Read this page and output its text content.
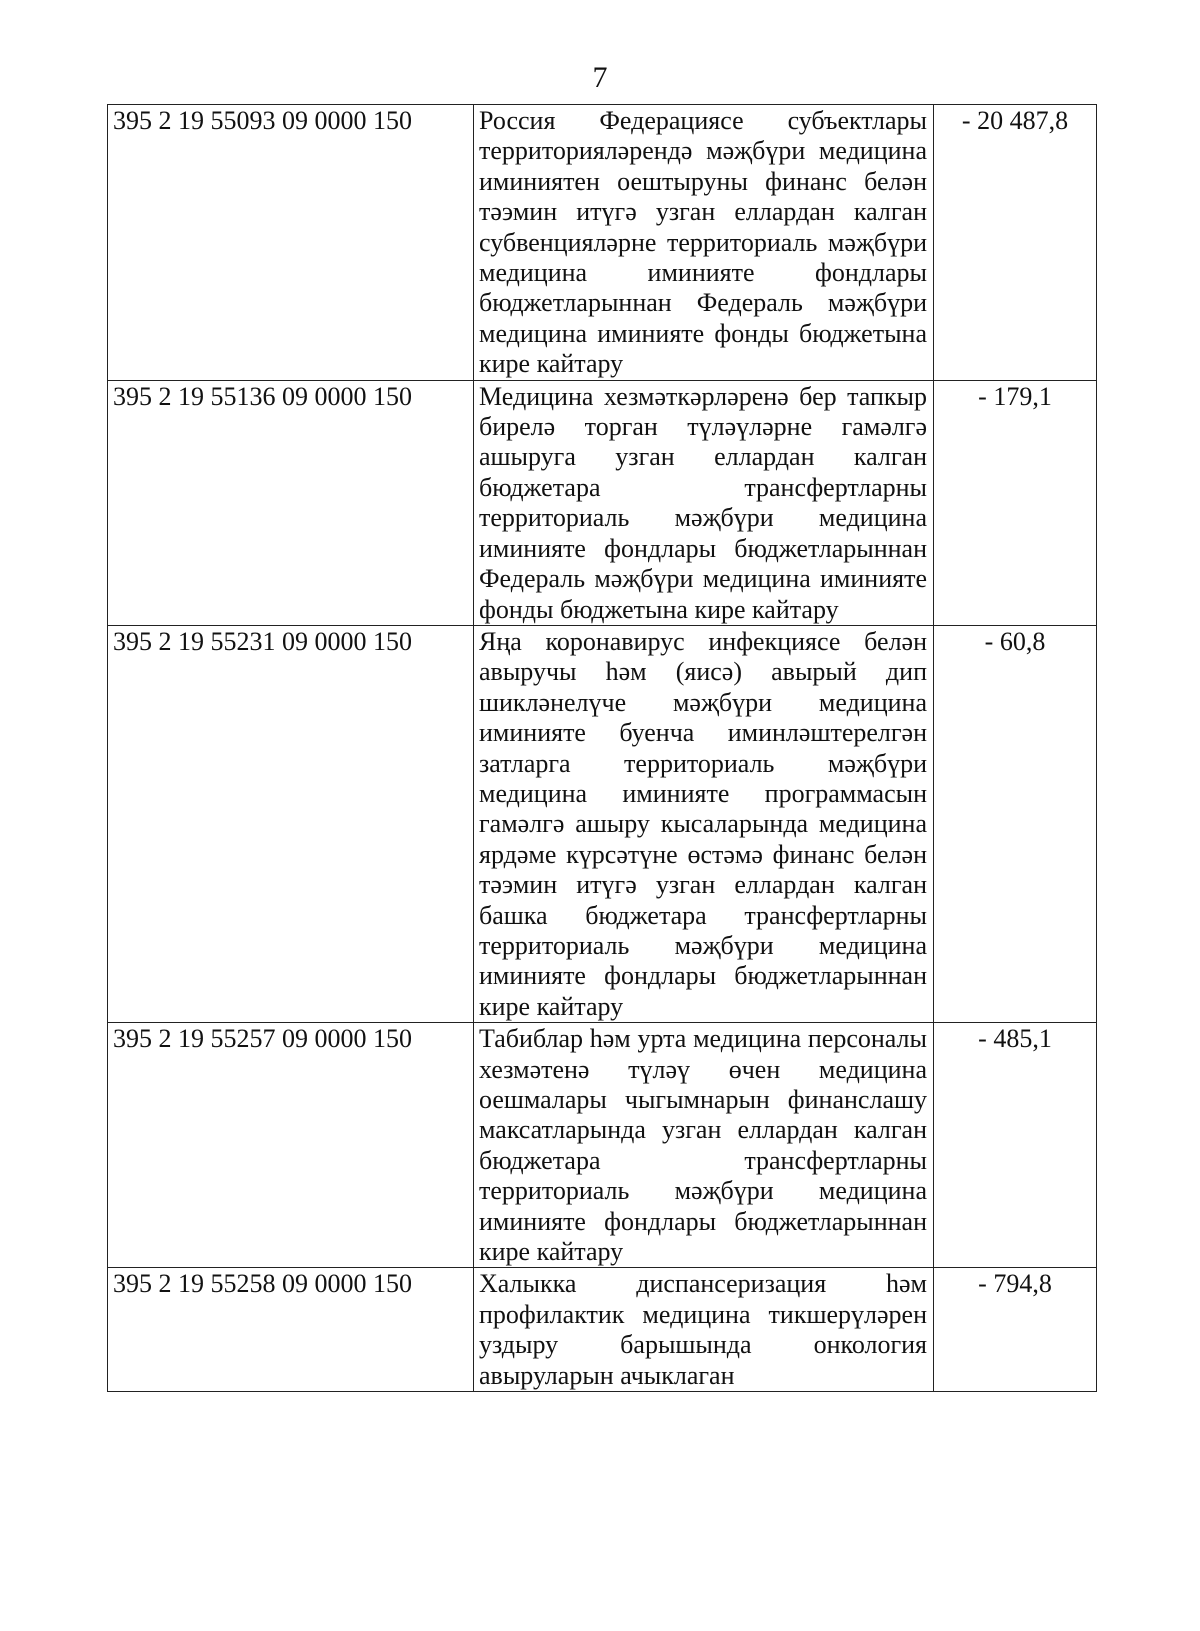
7
395 2 19 55093 09 0000 150	Россия Федерациясе субъектлары территорияләрендә мәҗбүри медицина иминиятен оештыруны финанс белән тәэмин итүгә узган еллардан калган субвенцияләрне территориаль мәҗбүри медицина иминияте фондлары бюджетларыннан Федераль мәҗбүри медицина иминияте фонды бюджетына кире кайтару	- 20 487,8
395 2 19 55136 09 0000 150	Медицина хезмәткәрләренә бер тапкыр бирелә торган түләүләрне гамәлгә ашыруга узган еллардан калган бюджетара трансфертларны территориаль мәҗбүри медицина иминияте фондлары бюджетларыннан Федераль мәҗбүри медицина иминияте фонды бюджетына кире кайтару	- 179,1
395 2 19 55231 09 0000 150	Яңа коронавирус инфекциясе белән авыручы һәм (яисә) авырый дип шикләнелүче мәҗбүри медицина иминияте буенча иминләштерелгән затларга территориаль мәҗбүри медицина иминияте программасын гамәлгә ашыру кысаларында медицина ярдәме күрсәтүне өстәмә финанс белән тәэмин итүгә узган еллардан калган башка бюджетара трансфертларны территориаль мәҗбүри медицина иминияте фондлары бюджетларыннан кире кайтару	- 60,8
395 2 19 55257 09 0000 150	Табиблар һәм урта медицина персоналы хезмәтенә түләү өчен медицина оешмалары чыгымнарын финанслашу максатларында узган еллардан калган бюджетара трансфертларны территориаль мәҗбүри медицина иминияте фондлары бюджетларыннан кире кайтару	- 485,1
395 2 19 55258 09 0000 150	Халыкка диспансеризация һәм профилактик медицина тикшерүләрен уздыру барышында онкология авыруларын ачыклаган	- 794,8
